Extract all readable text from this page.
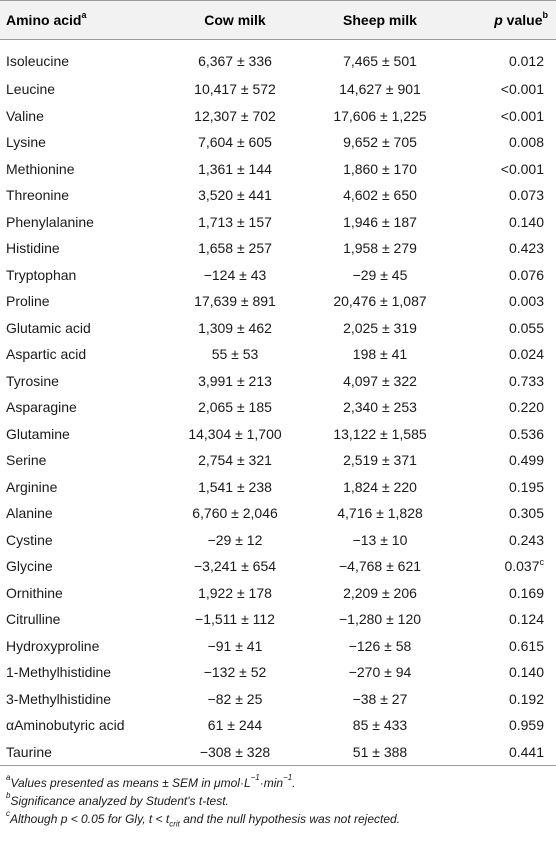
Amino acid$^a$	Cow milk	Sheep milk	p value$^b$
Isoleucine	6,367 ± 336	7,465 ± 501	0.012
Leucine	10,417 ± 572	14,627 ± 901	<0.001
Valine	12,307 ± 702	17,606 ± 1,225	<0.001
Lysine	7,604 ± 605	9,652 ± 705	0.008
Methionine	1,361 ± 144	1,860 ± 170	<0.001
Threonine	3,520 ± 441	4,602 ± 650	0.073
Phenylalanine	1,713 ± 157	1,946 ± 187	0.140
Histidine	1,658 ± 257	1,958 ± 279	0.423
Tryptophan	−124 ± 43	−29 ± 45	0.076
Proline	17,639 ± 891	20,476 ± 1,087	0.003
Glutamic acid	1,309 ± 462	2,025 ± 319	0.055
Aspartic acid	55 ± 53	198 ± 41	0.024
Tyrosine	3,991 ± 213	4,097 ± 322	0.733
Asparagine	2,065 ± 185	2,340 ± 253	0.220
Glutamine	14,304 ± 1,700	13,122 ± 1,585	0.536
Serine	2,754 ± 321	2,519 ± 371	0.499
Arginine	1,541 ± 238	1,824 ± 220	0.195
Alanine	6,760 ± 2,046	4,716 ± 1,828	0.305
Cystine	−29 ± 12	−13 ± 10	0.243
Glycine	−3,241 ± 654	−4,768 ± 621	0.037$^c$
Ornithine	1,922 ± 178	2,209 ± 206	0.169
Citrulline	−1,511 ± 112	−1,280 ± 120	0.124
Hydroxyproline	−91 ± 41	−126 ± 58	0.615
1-Methylhistidine	−132 ± 52	−270 ± 94	0.140
3-Methylhistidine	−82 ± 25	−38 ± 27	0.192
αAminobutyric acid	61 ± 244	85 ± 433	0.959
Taurine	−308 ± 328	51 ± 388	0.441
$^a$Values presented as means ± SEM in $\mu mol\cdot L^{-1}\cdot\min^{-1}$.
$^b$Significance analyzed by Student's t-test.
$^c$Although p < 0.05 for Gly, $t < t_{crit}$ and the null hypothesis was not rejected.
